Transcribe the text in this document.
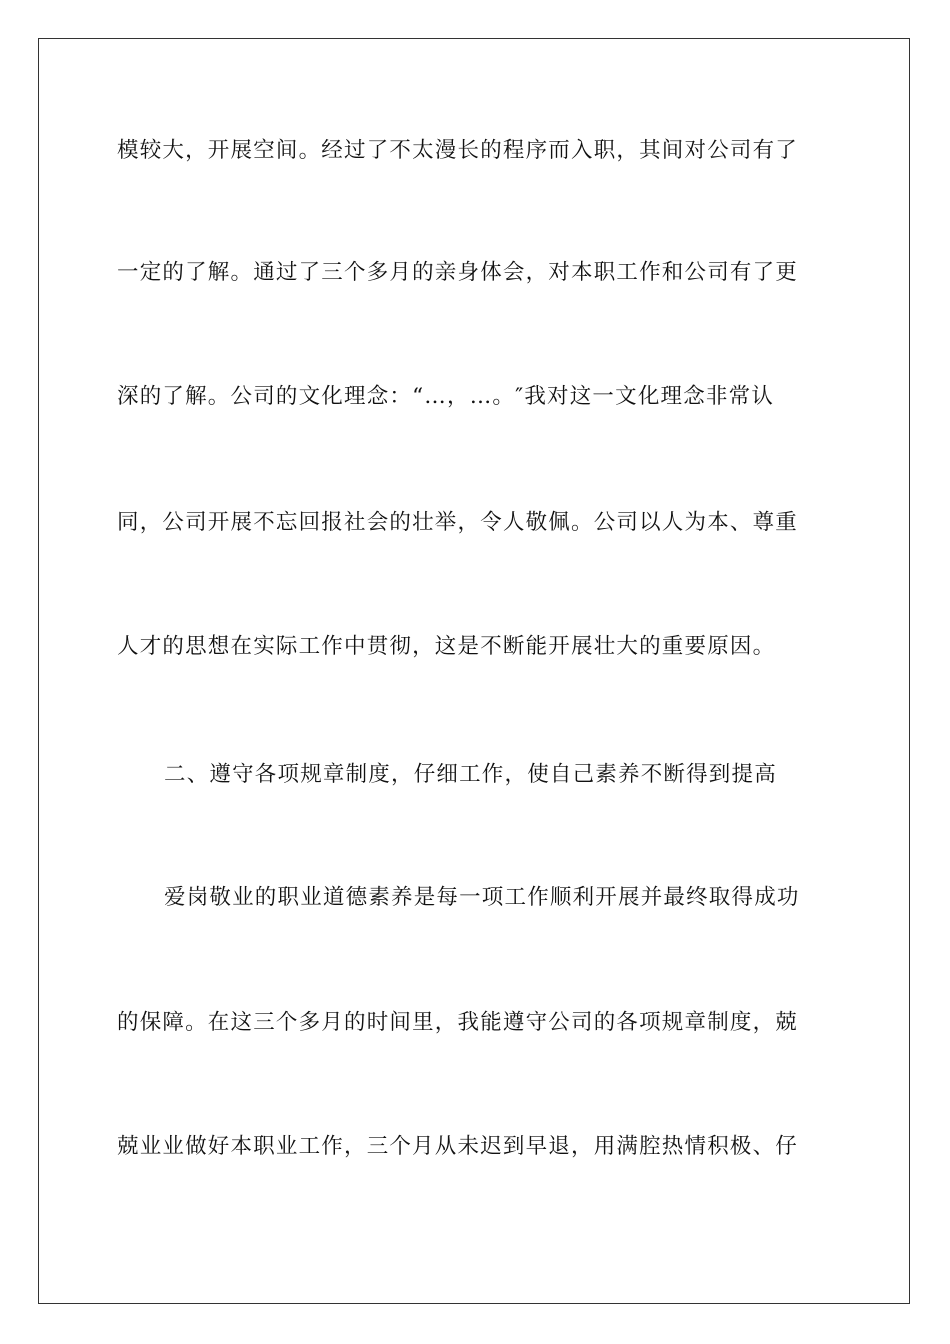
模较大，开展空间。经过了不太漫长的程序而入职，其间对公司有了
一定的了解。通过了三个多月的亲身体会，对本职工作和公司有了更
深的了解。公司的文化理念：“…，…。″我对这一文化理念非常认
同，公司开展不忘回报社会的壮举，令人敬佩。公司以人为本、尊重
人才的思想在实际工作中贯彻，这是不断能开展壮大的重要原因。
二、遵守各项规章制度，仔细工作，使自己素养不断得到提高
爱岗敬业的职业道德素养是每一项工作顺利开展并最终取得成功
的保障。在这三个多月的时间里，我能遵守公司的各项规章制度，兢
兢业业做好本职业工作，三个月从未迟到早退，用满腔热情积极、仔
